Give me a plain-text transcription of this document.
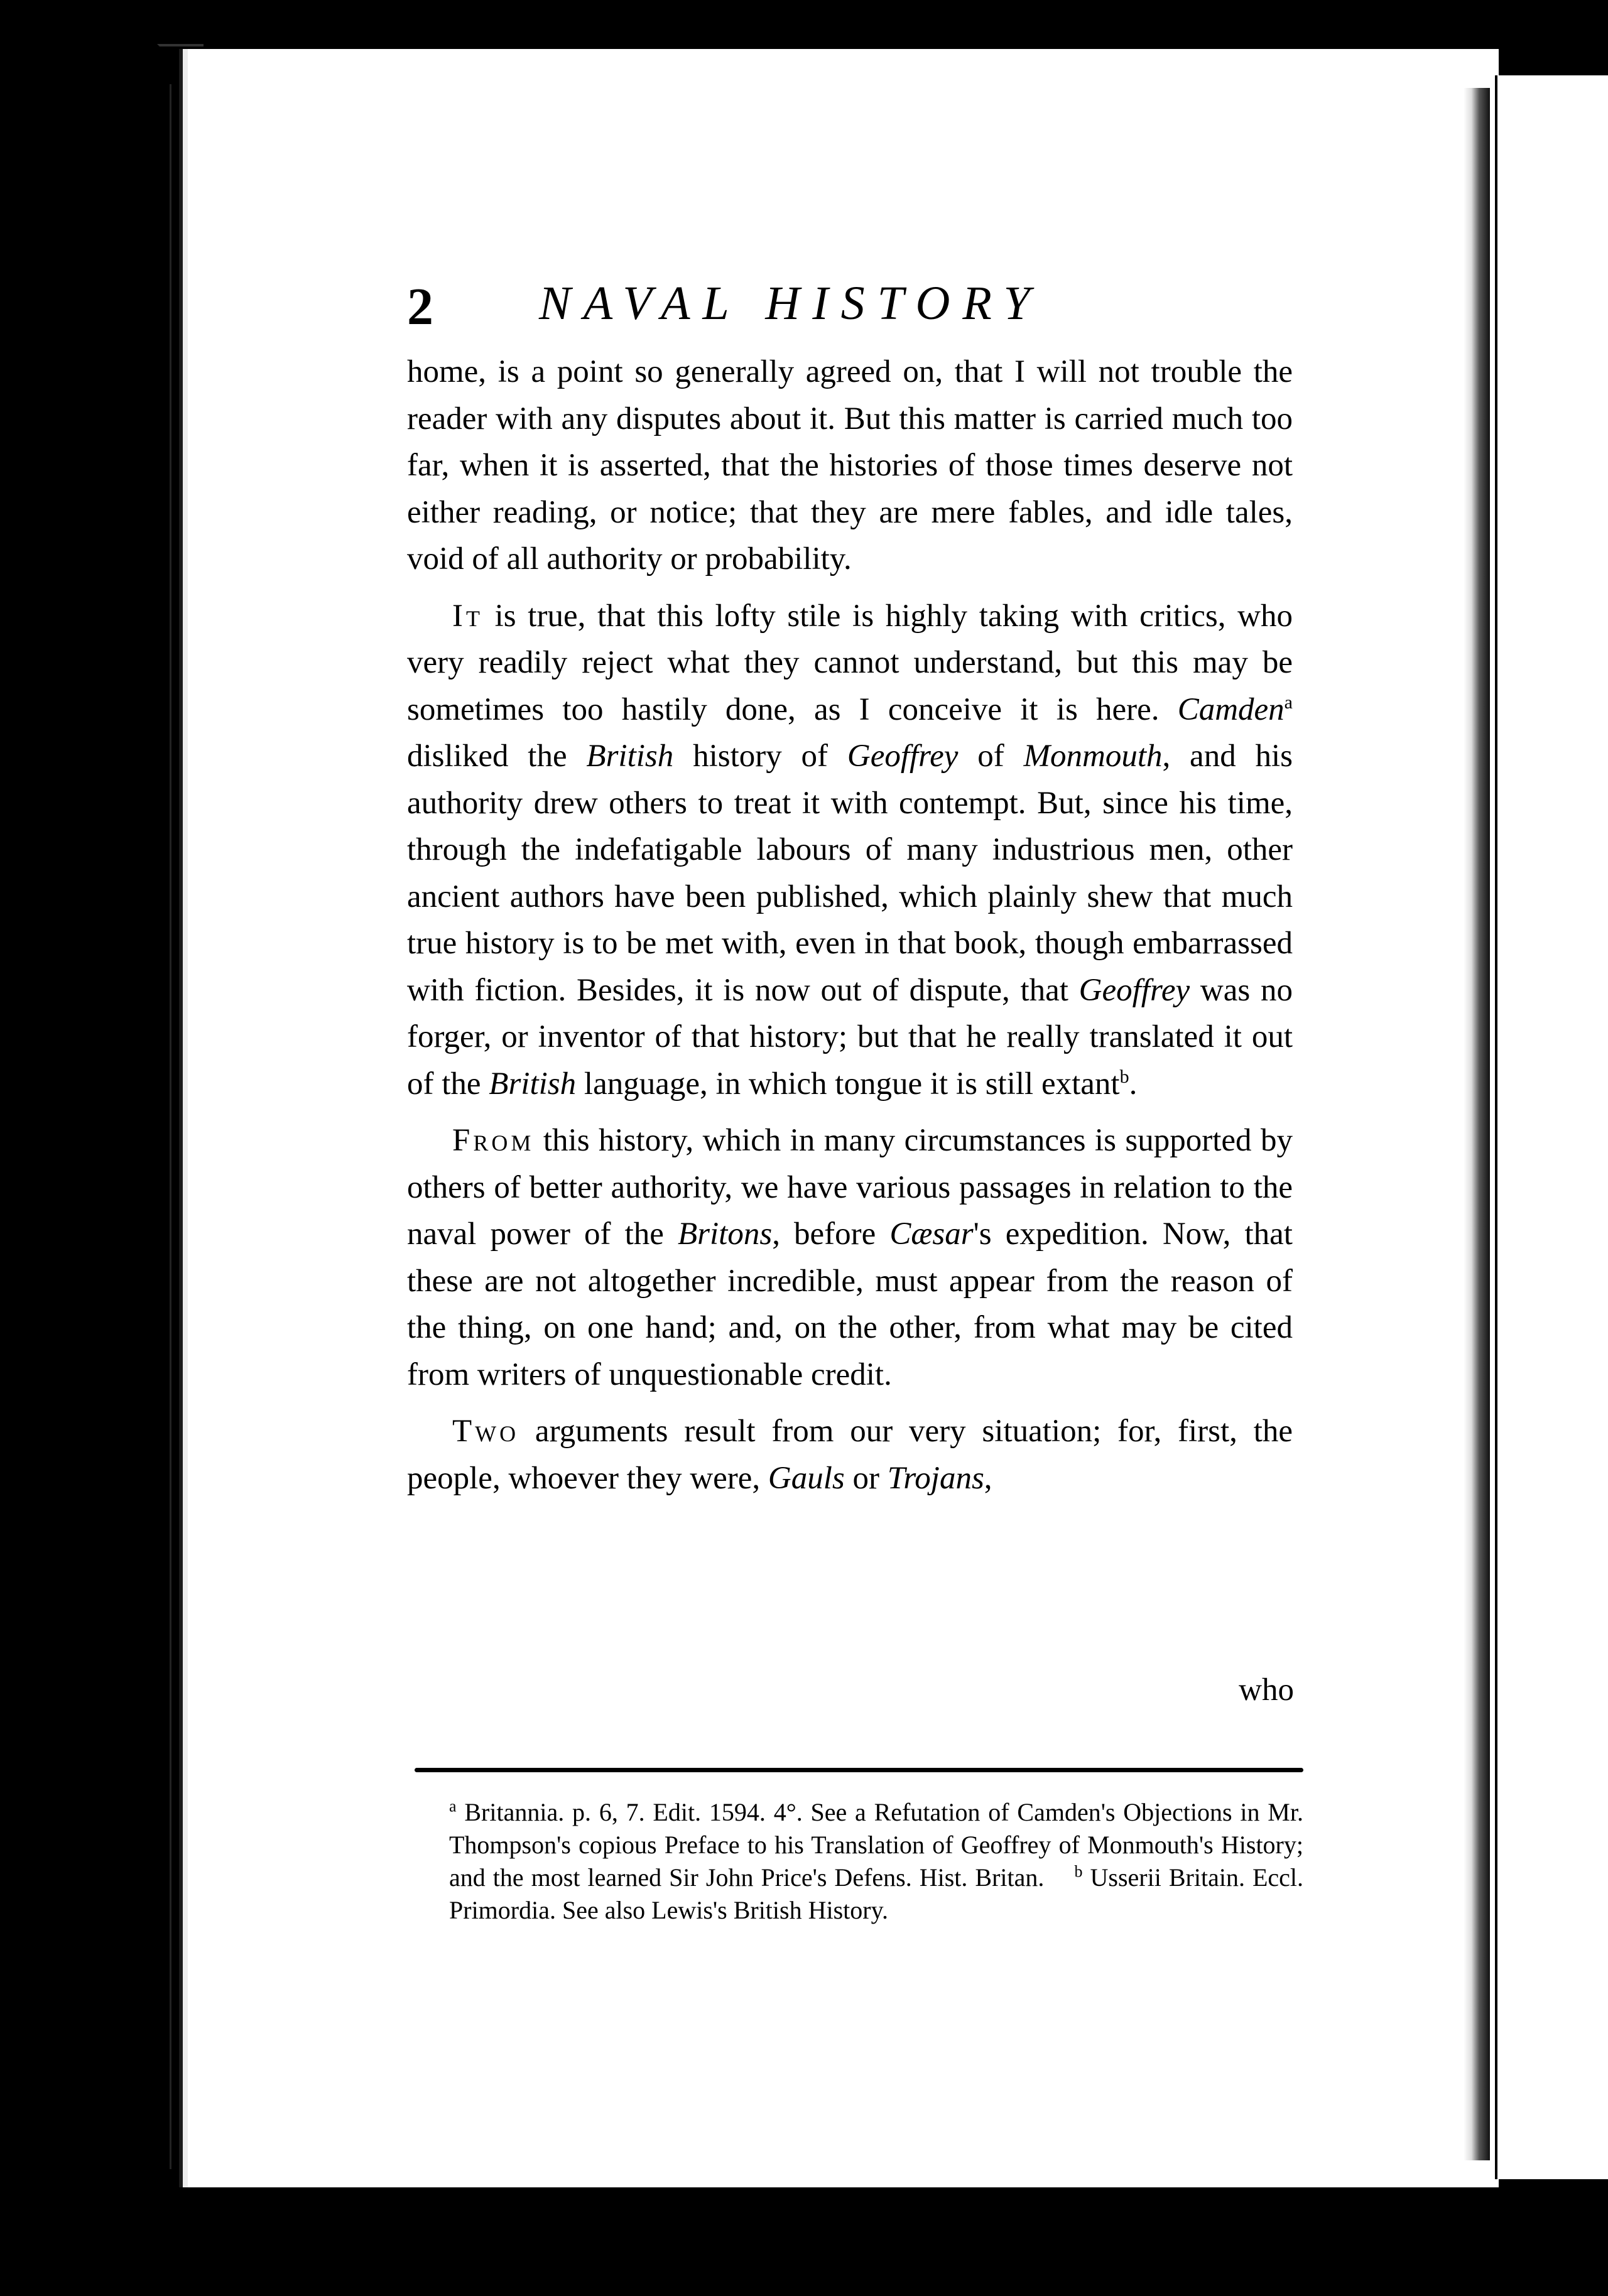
2 NAVAL HISTORY

home, is a point so generally agreed on, that I will not trouble the reader with any disputes about it. But this matter is carried much too far, when it is asserted, that the histories of those times deserve not either reading, or notice; that they are mere fables, and idle tales, void of all authority or probability.

It is true, that this lofty stile is highly taking with critics, who very readily reject what they cannot understand, but this may be sometimes too hastily done, as I conceive it is here. Camden$^a$ disliked the British history of Geoffrey of Monmouth, and his authority drew others to treat it with contempt. But, since his time, through the indefatigable labours of many industrious men, other ancient authors have been published, which plainly shew that much true history is to be met with, even in that book, though embarrassed with fiction. Besides, it is now out of dispute, that Geoffrey was no forger, or inventor of that history; but that he really translated it out of the British language, in which tongue it is still extant$^b$.

From this history, which in many circumstances is supported by others of better authority, we have various passages in relation to the naval power of the Britons, before Cæsar's expedition. Now, that these are not altogether incredible, must appear from the reason of the thing, on one hand; and, on the other, from what may be cited from writers of unquestionable credit.

Two arguments result from our very situation; for, first, the people, whoever they were, Gauls or Trojans,

who

$^a$ Britannia. p. 6, 7. Edit. 1594. 4°. See a Refutation of Camden's Objections in Mr. Thompson's copious Preface to his Translation of Geoffrey of Monmouth's History; and the most learned Sir John Price's Defens. Hist. Britan. $^b$ Usserii Britain. Eccl. Primordia. See also Lewis's British History.
